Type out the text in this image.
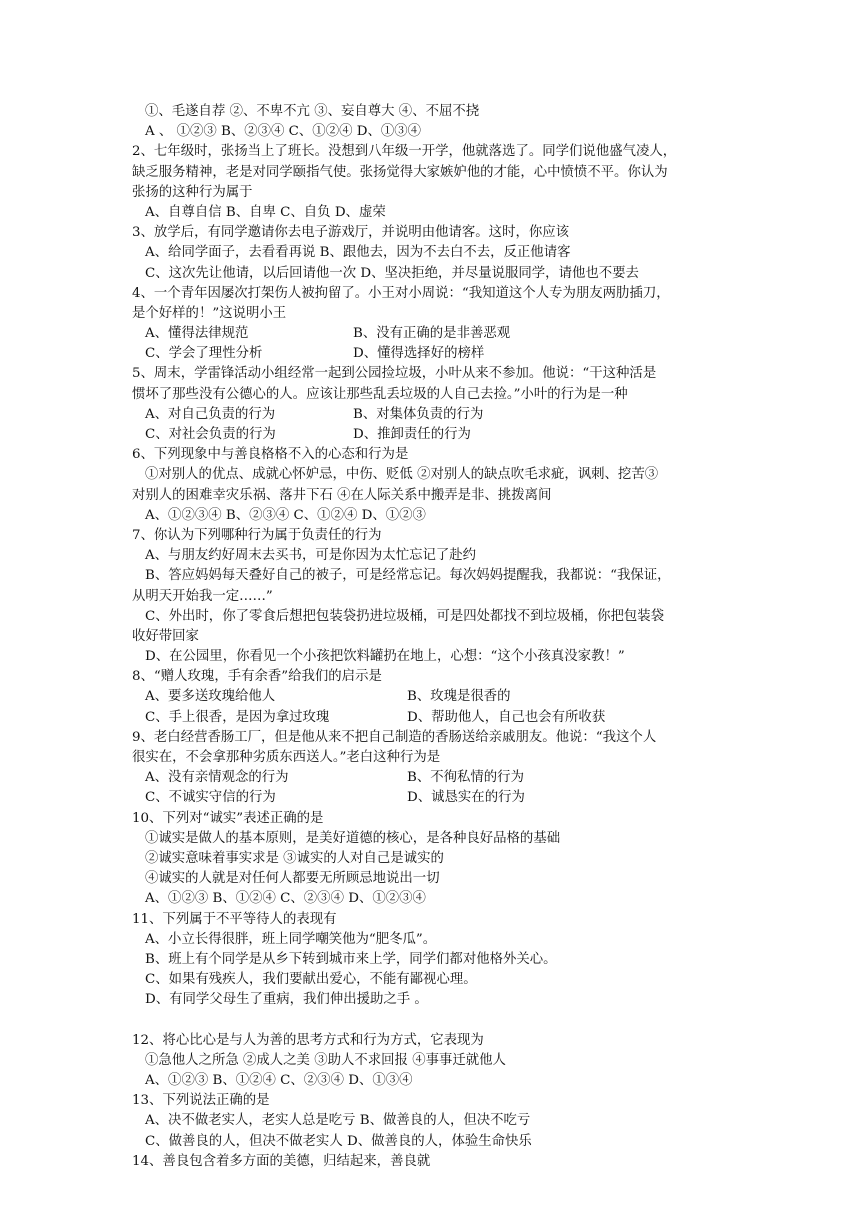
①、毛遂自荐 ②、不卑不亢 ③、妄自尊大 ④、不屈不挠
A 、 ①②③ B、②③④ C、①②④ D、①③④
2、七年级时，张扬当上了班长。没想到八年级一开学，他就落选了。同学们说他盛气凌人，
缺乏服务精神，老是对同学颐指气使。张扬觉得大家嫉妒他的才能，心中愤愤不平。你认为
张扬的这种行为属于
A、自尊自信 B、自卑 C、自负 D、虚荣
3、放学后，有同学邀请你去电子游戏厅，并说明由他请客。这时，你应该
A、给同学面子，去看看再说 B、跟他去，因为不去白不去，反正他请客
C、这次先让他请，以后回请他一次 D、坚决拒绝，并尽量说服同学，请他也不要去
4、一个青年因屡次打架伤人被拘留了。小王对小周说：“我知道这个人专为朋友两肋插刀，
是个好样的！”这说明小王
A、懂得法律规范	B、没有正确的是非善恶观
C、学会了理性分析	D、懂得选择好的榜样
5、周末，学雷锋活动小组经常一起到公园捡垃圾，小叶从来不参加。他说：“干这种活是
惯坏了那些没有公德心的人。应该让那些乱丢垃圾的人自己去捡。”小叶的行为是一种
A、对自己负责的行为	B、对集体负责的行为
C、对社会负责的行为	D、推卸责任的行为
6、下列现象中与善良格格不入的心态和行为是
①对别人的优点、成就心怀妒忌，中伤、贬低 ②对别人的缺点吹毛求疵，讽刺、挖苦③
对别人的困难幸灾乐祸、落井下石 ④在人际关系中搬弄是非、挑拨离间
A、①②③④ B、②③④ C、①②④ D、①②③
7、你认为下列哪种行为属于负责任的行为
A、与朋友约好周末去买书，可是你因为太忙忘记了赴约
B、答应妈妈每天叠好自己的被子，可是经常忘记。每次妈妈提醒我，我都说：“我保证，
从明天开始我一定……”
C、外出时，你了零食后想把包装袋扔进垃圾桶，可是四处都找不到垃圾桶，你把包装袋
收好带回家
D、在公园里，你看见一个小孩把饮料罐扔在地上，心想：“这个小孩真没家教！”
8、“赠人玫瑰，手有余香”给我们的启示是
A、要多送玫瑰给他人	B、玫瑰是很香的
C、手上很香，是因为拿过玫瑰	D、帮助他人，自己也会有所收获
9、老白经营香肠工厂，但是他从来不把自己制造的香肠送给亲戚朋友。他说：“我这个人
很实在，不会拿那种劣质东西送人。”老白这种行为是
A、没有亲情观念的行为	B、不徇私情的行为
C、不诚实守信的行为	D、诚恳实在的行为
10、下列对“诚实”表述正确的是
①诚实是做人的基本原则，是美好道德的核心，是各种良好品格的基础
②诚实意味着事实求是 ③诚实的人对自己是诚实的
④诚实的人就是对任何人都要无所顾忌地说出一切
A、①②③ B、①②④ C、②③④ D、①②③④
11、下列属于不平等待人的表现有
A、小立长得很胖，班上同学嘲笑他为“肥冬瓜”。
B、班上有个同学是从乡下转到城市来上学，同学们都对他格外关心。
C、如果有残疾人，我们要献出爱心，不能有鄙视心理。
D、有同学父母生了重病，我们伸出援助之手 。
12、将心比心是与人为善的思考方式和行为方式，它表现为
①急他人之所急 ②成人之美 ③助人不求回报 ④事事迁就他人
A、①②③ B、①②④ C、②③④ D、①③④
13、下列说法正确的是
A、决不做老实人，老实人总是吃亏 B、做善良的人，但决不吃亏
C、做善良的人，但决不做老实人 D、做善良的人，体验生命快乐
14、善良包含着多方面的美德，归结起来，善良就
